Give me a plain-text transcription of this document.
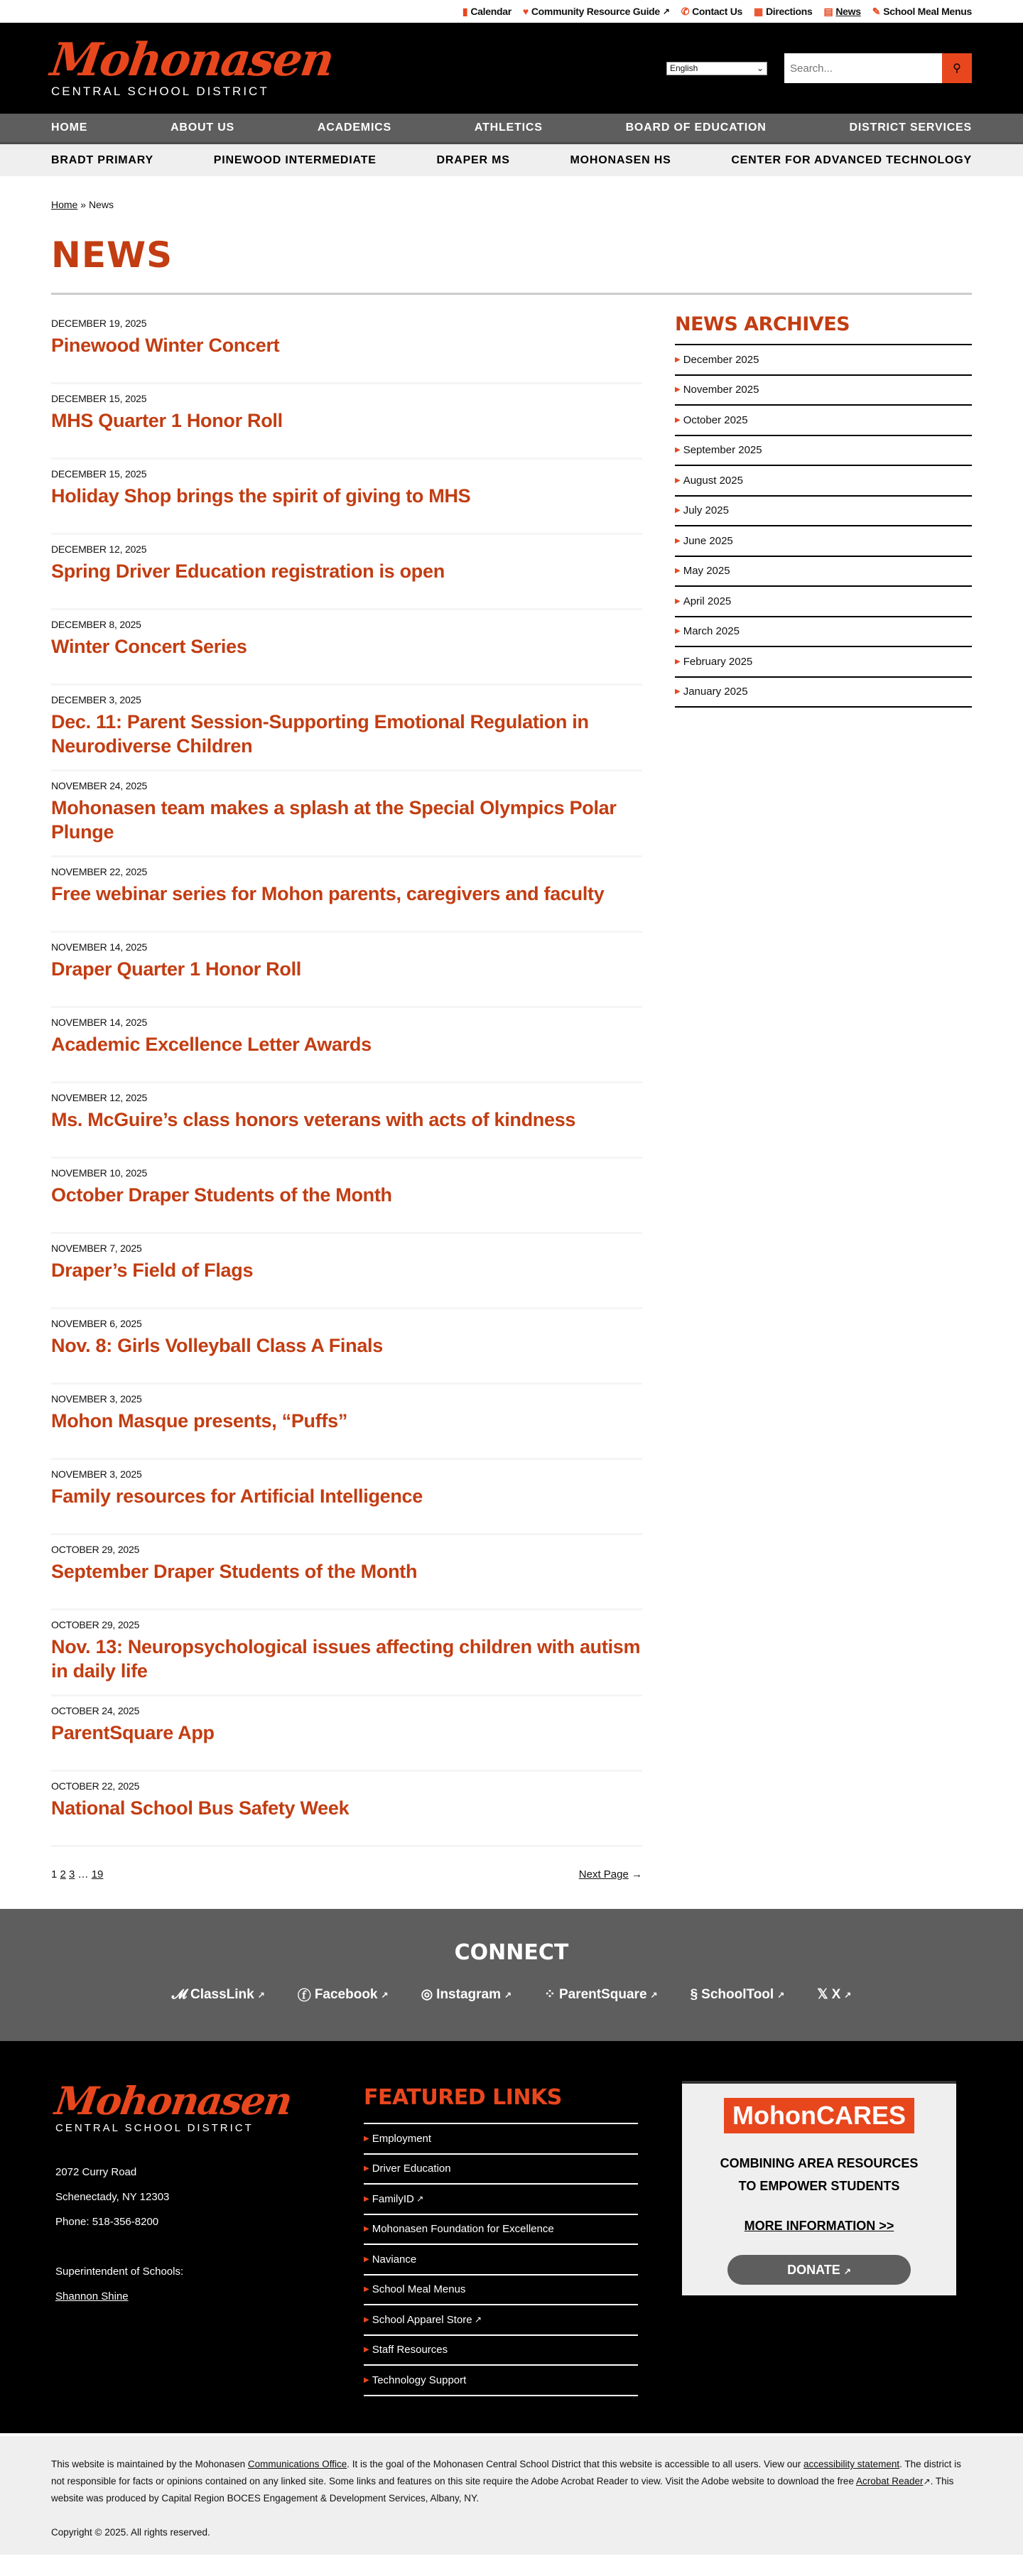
▮ Calendar ♥ Community Resource Guide ↗ ✆ Contact Us ▦ Directions ▤ News ✎ School Meal Menus
Mohonasen
CENTRAL SCHOOL DISTRICT
English	⌄
Search...	⚲
HOME	ABOUT US	ACADEMICS	ATHLETICS	BOARD OF EDUCATION	DISTRICT SERVICES
BRADT PRIMARY	PINEWOOD INTERMEDIATE	DRAPER MS	MOHONASEN HS	CENTER FOR ADVANCED TECHNOLOGY
Home » News
NEWS
DECEMBER 19, 2025
Pinewood Winter Concert
DECEMBER 15, 2025
MHS Quarter 1 Honor Roll
DECEMBER 15, 2025
Holiday Shop brings the spirit of giving to MHS
DECEMBER 12, 2025
Spring Driver Education registration is open
DECEMBER 8, 2025
Winter Concert Series
DECEMBER 3, 2025
Dec. 11: Parent Session-Supporting Emotional Regulation in Neurodiverse Children
NOVEMBER 24, 2025
Mohonasen team makes a splash at the Special Olympics Polar Plunge
NOVEMBER 22, 2025
Free webinar series for Mohon parents, caregivers and faculty
NOVEMBER 14, 2025
Draper Quarter 1 Honor Roll
NOVEMBER 14, 2025
Academic Excellence Letter Awards
NOVEMBER 12, 2025
Ms. McGuire’s class honors veterans with acts of kindness
NOVEMBER 10, 2025
October Draper Students of the Month
NOVEMBER 7, 2025
Draper’s Field of Flags
NOVEMBER 6, 2025
Nov. 8: Girls Volleyball Class A Finals
NOVEMBER 3, 2025
Mohon Masque presents, “Puffs”
NOVEMBER 3, 2025
Family resources for Artificial Intelligence
OCTOBER 29, 2025
September Draper Students of the Month
OCTOBER 29, 2025
Nov. 13: Neuropsychological issues affecting children with autism in daily life
OCTOBER 24, 2025
ParentSquare App
OCTOBER 22, 2025
National School Bus Safety Week
1 2 3 … 19	Next Page →
NEWS ARCHIVES
▶ December 2025
▶ November 2025
▶ October 2025
▶ September 2025
▶ August 2025
▶ July 2025
▶ June 2025
▶ May 2025
▶ April 2025
▶ March 2025
▶ February 2025
▶ January 2025
CONNECT
𝓜 ClassLink ↗ ⓕ Facebook ↗ ◎ Instagram ↗ ⁘ ParentSquare ↗ § SchoolTool ↗ 𝕏 X ↗
Mohonasen
CENTRAL SCHOOL DISTRICT
2072 Curry Road
Schenectady, NY 12303
Phone: 518-356-8200
Superintendent of Schools:
Shannon Shine
FEATURED LINKS
▶ Employment
▶ Driver Education
▶ FamilyID ↗
▶ Mohonasen Foundation for Excellence
▶ Naviance
▶ School Meal Menus
▶ School Apparel Store ↗
▶ Staff Resources
▶ Technology Support
MohonCARES
COMBINING AREA RESOURCES
TO EMPOWER STUDENTS
MORE INFORMATION >>
DONATE ↗

This website is maintained by the Mohonasen Communications Office. It is the goal of the Mohonasen Central School District that this website is accessible to all users. View our accessibility statement. The district is not responsible for facts or opinions contained on any linked site. Some links and features on this site require the Adobe Acrobat Reader to view. Visit the Adobe website to download the free Acrobat Reader↗. This website was produced by Capital Region BOCES Engagement & Development Services, Albany, NY.

Copyright © 2025. All rights reserved.
